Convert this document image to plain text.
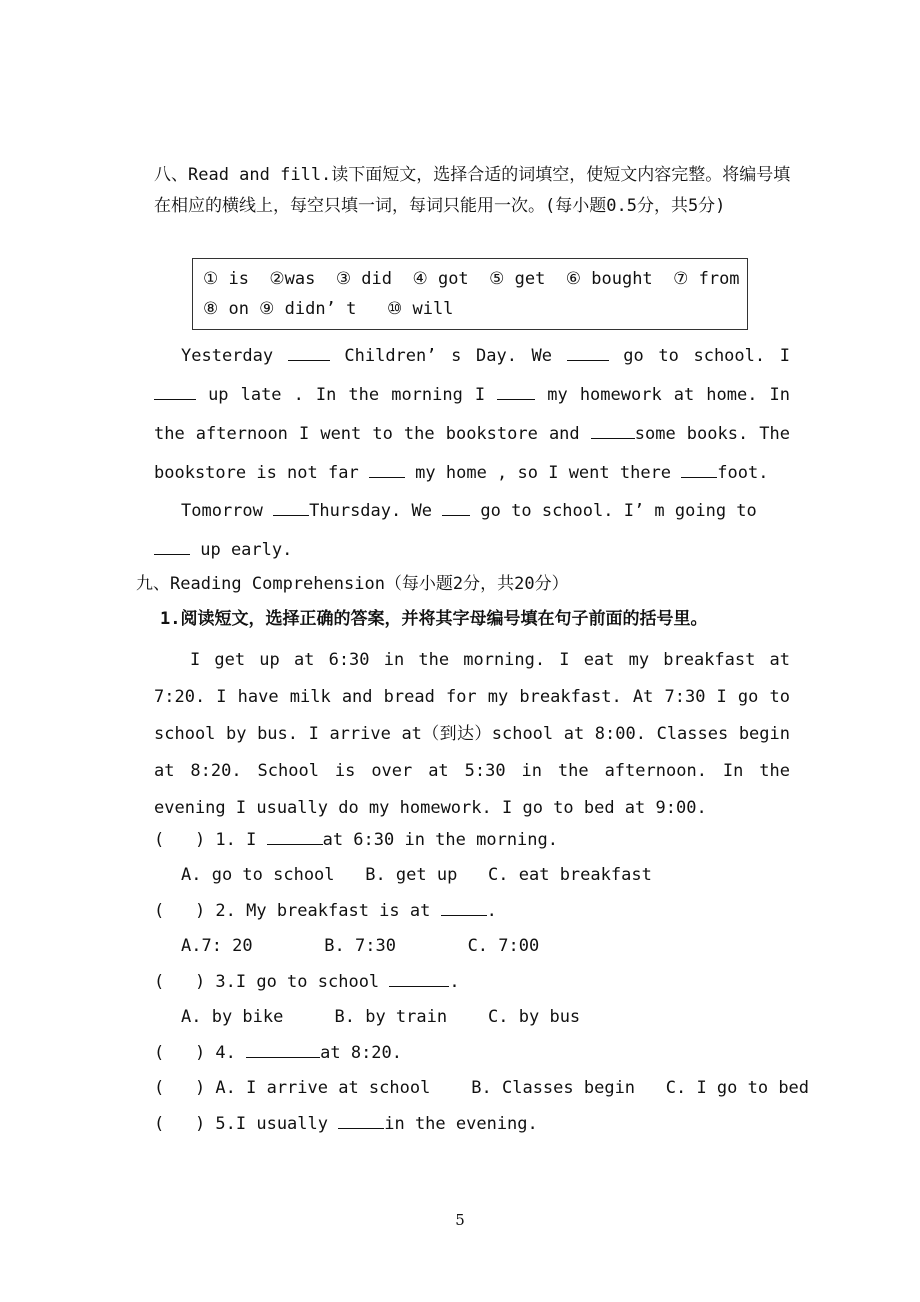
八、Read and fill.读下面短文，选择合适的词填空，使短文内容完整。将编号填在相应的横线上，每空只填一词，每词只能用一次。(每小题0.5分，共5分)
① is  ②was  ③ did  ④ got  ⑤ get  ⑥ bought  ⑦ from
⑧ on ⑨ didn’ t   ⑩ will
Yesterday  Children’ s Day. We  go to school. I  up late . In the morning I  my homework at home. In the afternoon I went to the bookstore and	some books. The bookstore is not far  my home , so I went there foot.
Tomorrow Thursday. We  go to school. I’ m going to  up early.
九、Reading Comprehension（每小题2分，共20分）
1.阅读短文，选择正确的答案，并将其字母编号填在句子前面的括号里。
I get up at 6:30 in the morning. I eat my breakfast at 7:20. I have milk and bread for my breakfast. At 7:30 I go to school by bus. I arrive at（到达）school at 8:00. Classes begin at 8:20. School is over at 5:30 in the afternoon. In the evening I usually do my homework. I go to bed at 9:00.
(   ) 1. I	at 6:30 in the morning.
A. go to school   B. get up   C. eat breakfast
(   ) 2. My breakfast is at	.
A.7: 20       B. 7:30       C. 7:00
(   ) 3.I go to school	.
A. by bike     B. by train    C. by bus
(   ) 4.	at 8:20.
(   ) A. I arrive at school    B. Classes begin   C. I go to bed
(   ) 5.I usually	in the evening.
5
